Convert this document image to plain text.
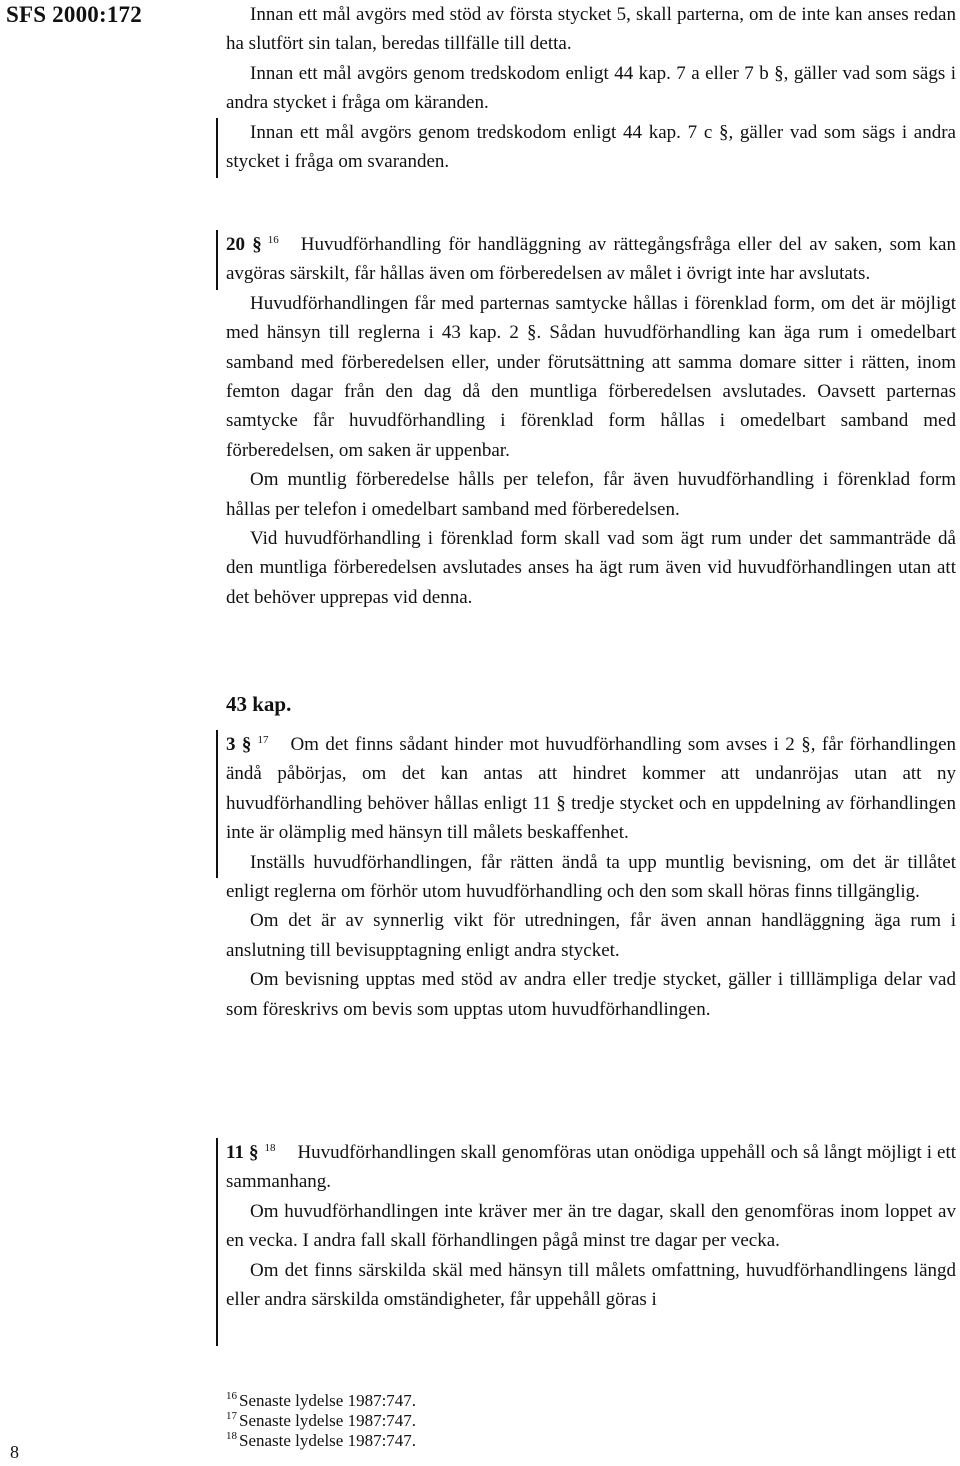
SFS 2000:172	Innan ett mål avgörs med stöd av första stycket 5, skall parterna, om de inte kan anses redan ha slutfört sin talan, beredas tillfälle till detta.

Innan ett mål avgörs genom tredskodom enligt 44 kap. 7 a eller 7 b §, gäller vad som sägs i andra stycket i fråga om käranden.

Innan ett mål avgörs genom tredskodom enligt 44 kap. 7 c §, gäller vad som sägs i andra stycket i fråga om svaranden.

20 § $^{16}$ Huvudförhandling för handläggning av rättegångsfråga eller del av saken, som kan avgöras särskilt, får hållas även om förberedelsen av målet i övrigt inte har avslutats.

Huvudförhandlingen får med parternas samtycke hållas i förenklad form, om det är möjligt med hänsyn till reglerna i 43 kap. 2 §. Sådan huvudförhandling kan äga rum i omedelbart samband med förberedelsen eller, under förutsättning att samma domare sitter i rätten, inom femton dagar från den dag då den muntliga förberedelsen avslutades. Oavsett parternas samtycke får huvudförhandling i förenklad form hållas i omedelbart samband med förberedelsen, om saken är uppenbar.

Om muntlig förberedelse hålls per telefon, får även huvudförhandling i förenklad form hållas per telefon i omedelbart samband med förberedelsen.

Vid huvudförhandling i förenklad form skall vad som ägt rum under det sammanträde då den muntliga förberedelsen avslutades anses ha ägt rum även vid huvudförhandlingen utan att det behöver upprepas vid denna.

43 kap.

3 § $^{17}$ Om det finns sådant hinder mot huvudförhandling som avses i 2 §, får förhandlingen ändå påbörjas, om det kan antas att hindret kommer att undanröjas utan att ny huvudförhandling behöver hållas enligt 11 § tredje stycket och en uppdelning av förhandlingen inte är olämplig med hänsyn till målets beskaffenhet.

Inställs huvudförhandlingen, får rätten ändå ta upp muntlig bevisning, om det är tillåtet enligt reglerna om förhör utom huvudförhandling och den som skall höras finns tillgänglig.

Om det är av synnerlig vikt för utredningen, får även annan handläggning äga rum i anslutning till bevisupptagning enligt andra stycket.

Om bevisning upptas med stöd av andra eller tredje stycket, gäller i tilllämpliga delar vad som föreskrivs om bevis som upptas utom huvudförhandlingen.

11 § $^{18}$ Huvudförhandlingen skall genomföras utan onödiga uppehåll och så långt möjligt i ett sammanhang.

Om huvudförhandlingen inte kräver mer än tre dagar, skall den genomföras inom loppet av en vecka. I andra fall skall förhandlingen pågå minst tre dagar per vecka.

Om det finns särskilda skäl med hänsyn till målets omfattning, huvudförhandlingens längd eller andra särskilda omständigheter, får uppehåll göras i

$^{16}$ Senaste lydelse 1987:747.
$^{17}$ Senaste lydelse 1987:747.
$^{18}$ Senaste lydelse 1987:747.
8
